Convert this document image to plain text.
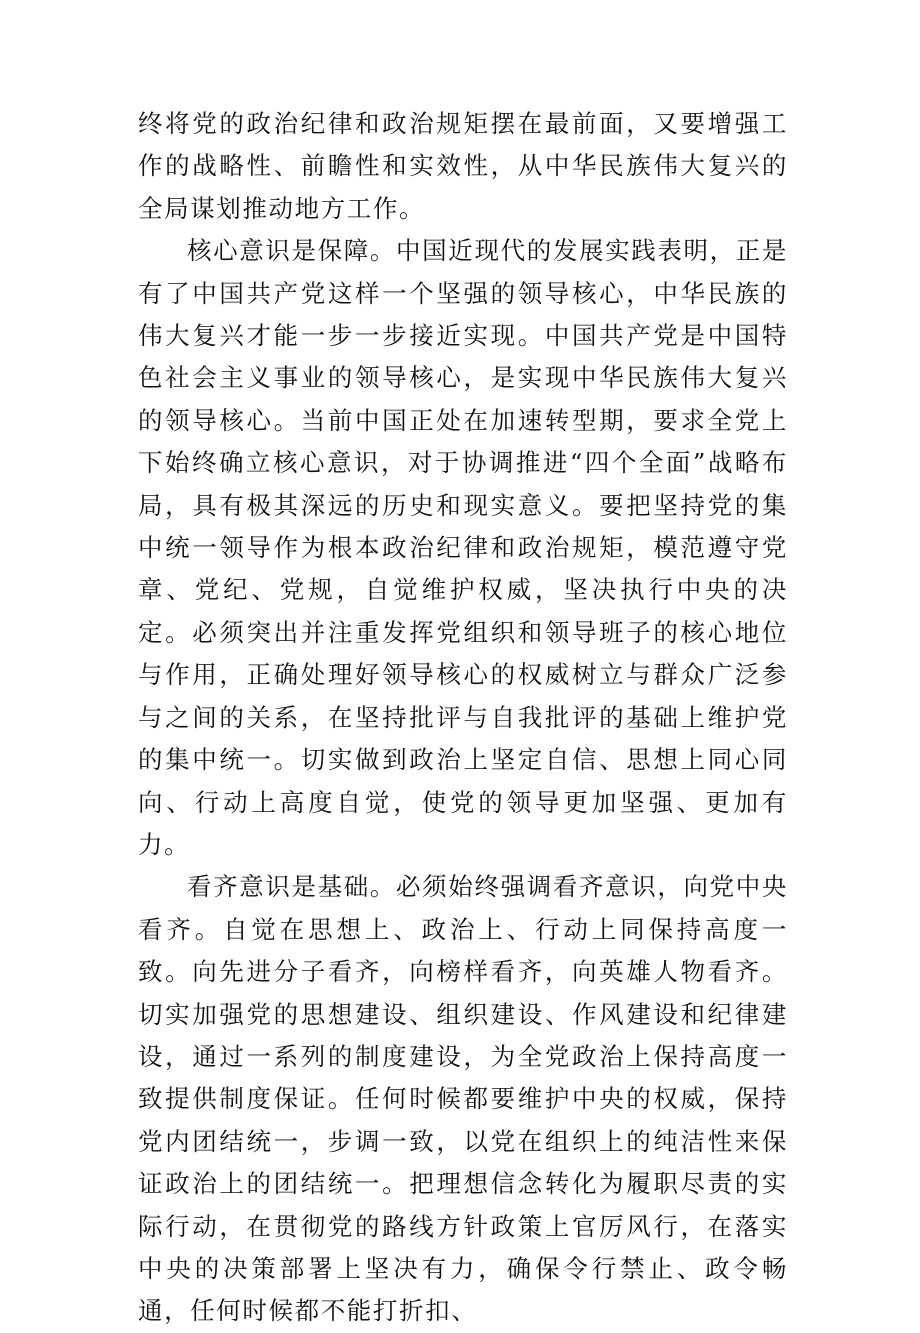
终将党的政治纪律和政治规矩摆在最前面，又要增强工作的战略性、前瞻性和实效性，从中华民族伟大复兴的全局谋划推动地方工作。

核心意识是保障。中国近现代的发展实践表明，正是有了中国共产党这样一个坚强的领导核心，中华民族的伟大复兴才能一步一步接近实现。中国共产党是中国特色社会主义事业的领导核心，是实现中华民族伟大复兴的领导核心。当前中国正处在加速转型期，要求全党上下始终确立核心意识，对于协调推进“四个全面”战略布局，具有极其深远的历史和现实意义。要把坚持党的集中统一领导作为根本政治纪律和政治规矩，模范遵守党章、党纪、党规，自觉维护权威，坚决执行中央的决定。必须突出并注重发挥党组织和领导班子的核心地位与作用，正确处理好领导核心的权威树立与群众广泛参与之间的关系，在坚持批评与自我批评的基础上维护党的集中统一。切实做到政治上坚定自信、思想上同心同向、行动上高度自觉，使党的领导更加坚强、更加有力。

看齐意识是基础。必须始终强调看齐意识，向党中央看齐。自觉在思想上、政治上、行动上同保持高度一致。向先进分子看齐，向榜样看齐，向英雄人物看齐。切实加强党的思想建设、组织建设、作风建设和纪律建设，通过一系列的制度建设，为全党政治上保持高度一致提供制度保证。任何时候都要维护中央的权威，保持党内团结统一，步调一致，以党在组织上的纯洁性来保证政治上的团结统一。把理想信念转化为履职尽责的实际行动，在贯彻党的路线方针政策上官厉风行，在落实中央的决策部署上坚决有力，确保令行禁止、政令畅通，任何时候都不能打折扣、
